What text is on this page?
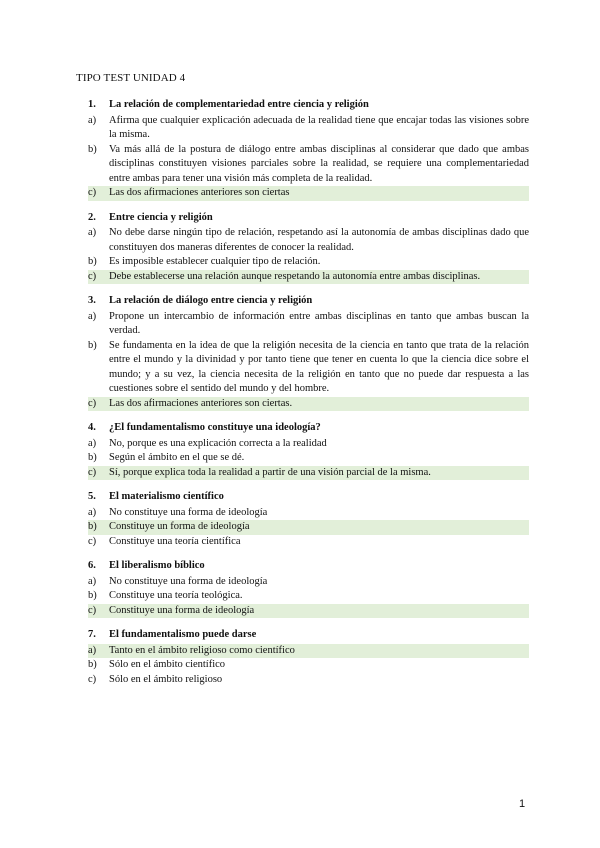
TIPO TEST UNIDAD 4
1.	La relación de complementariedad entre ciencia y religión
a)	Afirma que cualquier explicación adecuada de la realidad tiene que encajar todas las visiones sobre la misma.
b)	Va más allá de la postura de diálogo entre ambas disciplinas al considerar que dado que ambas disciplinas constituyen visiones parciales sobre la realidad, se requiere una complementariedad entre ambas para tener una visión más completa de la realidad.
c)	Las dos afirmaciones anteriores son ciertas
2.	Entre ciencia y religión
a)	No debe darse ningún tipo de relación, respetando así la autonomía de ambas disciplinas dado que constituyen dos maneras diferentes de conocer la realidad.
b)	Es imposible establecer cualquier tipo de relación.
c)	Debe establecerse una relación aunque respetando la autonomía entre ambas disciplinas.
3.	La relación de diálogo entre ciencia y religión
a)	Propone un intercambio de información entre ambas disciplinas en tanto que ambas buscan la verdad.
b)	Se fundamenta en la idea de que la religión necesita de la ciencia en tanto que trata de la relación entre el mundo y la divinidad y por tanto tiene que tener en cuenta lo que la ciencia dice sobre el mundo; y a su vez, la ciencia necesita de la religión en tanto que no puede dar respuesta a las cuestiones sobre el sentido del mundo y del hombre.
c)	Las dos afirmaciones anteriores son ciertas.
4.	¿El fundamentalismo constituye una ideología?
a)	No, porque es una explicación correcta a la realidad
b)	Según el ámbito en el que se dé.
c)	Sí, porque explica toda la realidad a partir de una visión parcial de la misma.
5.	El materialismo científico
a)	No constituye una forma de ideología
b)	Constituye un forma de ideología
c)	Constituye una teoría científica
6.	El liberalismo bíblico
a)	No constituye una forma de ideología
b)	Constituye una teoría teológica.
c)	Constituye una forma de ideología
7.	El fundamentalismo puede darse
a)	Tanto en el ámbito religioso como científico
b)	Sólo en el ámbito científico
c)	Sólo en el ámbito religioso
1
